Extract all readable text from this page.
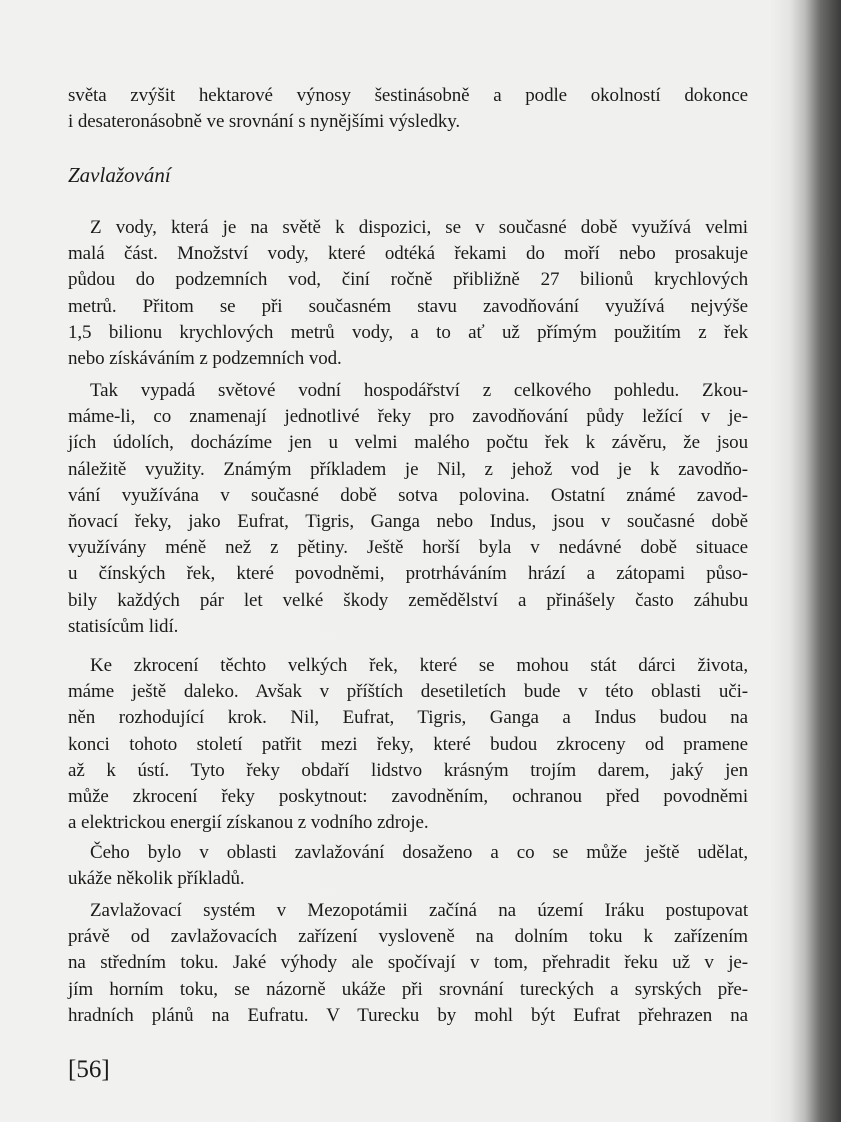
Zavlažování
[56]
světa zvýšit hektarové výnosy šestinásobně a podle okolností dokonce
i desateronásobně ve srovnání s nynějšími výsledky.
Z vody, která je na světě k dispozici, se v současné době využívá velmi
malá část. Množství vody, které odtéká řekami do moří nebo prosakuje
půdou do podzemních vod, činí ročně přibližně 27 bilionů krychlových
metrů. Přitom se při současném stavu zavodňování využívá nejvýše
1,5 bilionu krychlových metrů vody, a to ať už přímým použitím z řek
nebo získáváním z podzemních vod.
Tak vypadá světové vodní hospodářství z celkového pohledu. Zkou-
máme-li, co znamenají jednotlivé řeky pro zavodňování půdy ležící v je-
jích údolích, docházíme jen u velmi malého počtu řek k závěru, že jsou
náležitě využity. Známým příkladem je Nil, z jehož vod je k zavodňo-
vání využívána v současné době sotva polovina. Ostatní známé zavod-
ňovací řeky, jako Eufrat, Tigris, Ganga nebo Indus, jsou v současné době
využívány méně než z pětiny. Ještě horší byla v nedávné době situace
u čínských řek, které povodněmi, protrháváním hrází a zátopami půso-
bily každých pár let velké škody zemědělství a přinášely často záhubu
statisícům lidí.
Ke zkrocení těchto velkých řek, které se mohou stát dárci života,
máme ještě daleko. Avšak v příštích desetiletích bude v této oblasti uči-
něn rozhodující krok. Nil, Eufrat, Tigris, Ganga a Indus budou na
konci tohoto století patřit mezi řeky, které budou zkroceny od pramene
až k ústí. Tyto řeky obdaří lidstvo krásným trojím darem, jaký jen
může zkrocení řeky poskytnout: zavodněním, ochranou před povodněmi
a elektrickou energií získanou z vodního zdroje.
Čeho bylo v oblasti zavlažování dosaženo a co se může ještě udělat,
ukáže několik příkladů.
Zavlažovací systém v Mezopotámii začíná na území Iráku postupovat
právě od zavlažovacích zařízení vysloveně na dolním toku k zařízením
na středním toku. Jaké výhody ale spočívají v tom, přehradit řeku už v je-
jím horním toku, se názorně ukáže při srovnání tureckých a syrských pře-
hradních plánů na Eufratu. V Turecku by mohl být Eufrat přehrazen na
